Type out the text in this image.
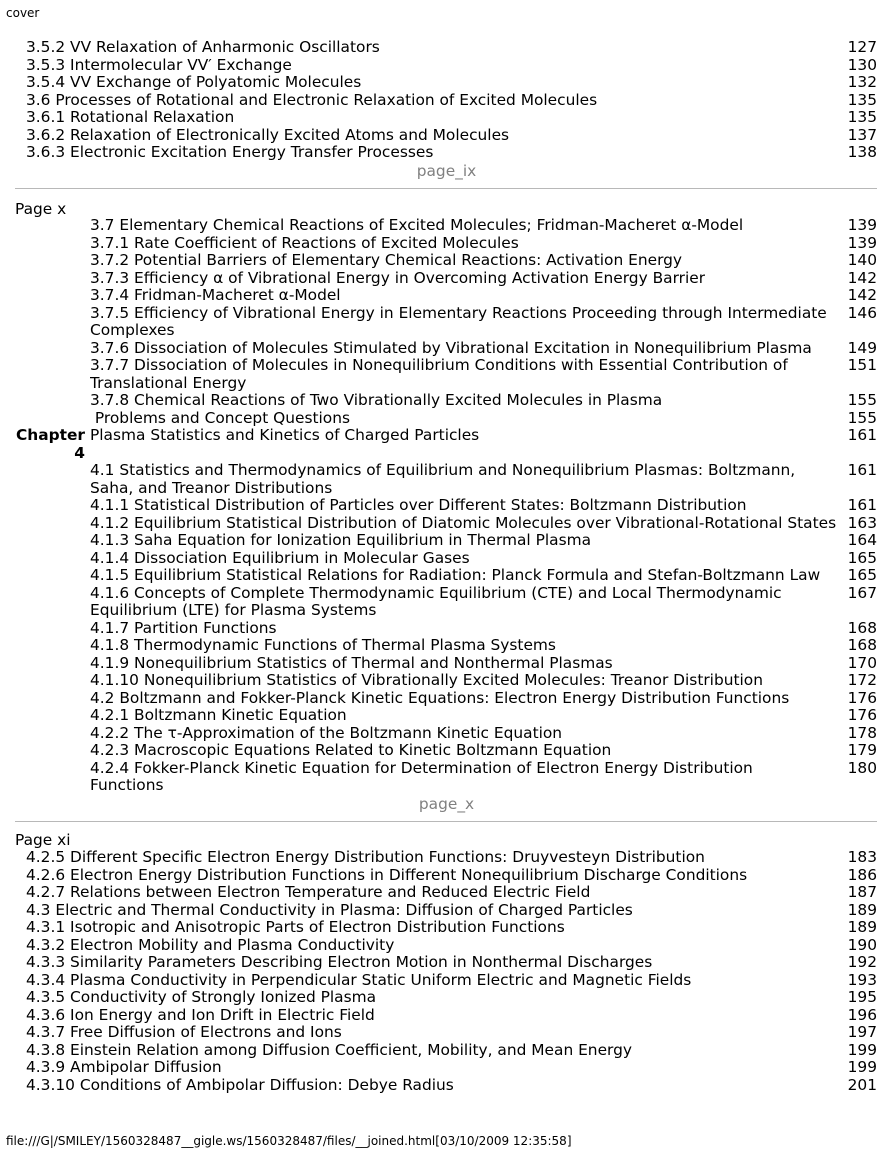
cover
3.5.2 VV Relaxation of Anharmonic Oscillators	127
3.5.3 Intermolecular VV′ Exchange	130
3.5.4 VV Exchange of Polyatomic Molecules	132
3.6 Processes of Rotational and Electronic Relaxation of Excited Molecules	135
3.6.1 Rotational Relaxation	135
3.6.2 Relaxation of Electronically Excited Atoms and Molecules	137
3.6.3 Electronic Excitation Energy Transfer Processes	138
page_ix
Page x
3.7 Elementary Chemical Reactions of Excited Molecules; Fridman-Macheret α-Model	139
3.7.1 Rate Coefficient of Reactions of Excited Molecules	139
3.7.2 Potential Barriers of Elementary Chemical Reactions: Activation Energy	140
3.7.3 Efficiency α of Vibrational Energy in Overcoming Activation Energy Barrier	142
3.7.4 Fridman-Macheret α-Model	142
3.7.5 Efficiency of Vibrational Energy in Elementary Reactions Proceeding through Intermediate Complexes
146
3.7.6 Dissociation of Molecules Stimulated by Vibrational Excitation in Nonequilibrium Plasma	149
3.7.7 Dissociation of Molecules in Nonequilibrium Conditions with Essential Contribution of Translational Energy
151
3.7.8 Chemical Reactions of Two Vibrationally Excited Molecules in Plasma	155
Problems and Concept Questions	155
Chapter 4
Plasma Statistics and Kinetics of Charged Particles	161
4.1 Statistics and Thermodynamics of Equilibrium and Nonequilibrium Plasmas: Boltzmann, Saha, and Treanor Distributions
161
4.1.1 Statistical Distribution of Particles over Different States: Boltzmann Distribution	161
4.1.2 Equilibrium Statistical Distribution of Diatomic Molecules over Vibrational-Rotational States 163
4.1.3 Saha Equation for Ionization Equilibrium in Thermal Plasma	164
4.1.4 Dissociation Equilibrium in Molecular Gases	165
4.1.5 Equilibrium Statistical Relations for Radiation: Planck Formula and Stefan-Boltzmann Law	165
4.1.6 Concepts of Complete Thermodynamic Equilibrium (CTE) and Local Thermodynamic Equilibrium (LTE) for Plasma Systems
167
4.1.7 Partition Functions	168
4.1.8 Thermodynamic Functions of Thermal Plasma Systems	168
4.1.9 Nonequilibrium Statistics of Thermal and Nonthermal Plasmas	170
4.1.10 Nonequilibrium Statistics of Vibrationally Excited Molecules: Treanor Distribution	172
4.2 Boltzmann and Fokker-Planck Kinetic Equations: Electron Energy Distribution Functions	176
4.2.1 Boltzmann Kinetic Equation	176
4.2.2 The τ-Approximation of the Boltzmann Kinetic Equation	178
4.2.3 Macroscopic Equations Related to Kinetic Boltzmann Equation	179
4.2.4 Fokker-Planck Kinetic Equation for Determination of Electron Energy Distribution Functions
180
page_x
Page xi
4.2.5 Different Specific Electron Energy Distribution Functions: Druyvesteyn Distribution	183
4.2.6 Electron Energy Distribution Functions in Different Nonequilibrium Discharge Conditions	186
4.2.7 Relations between Electron Temperature and Reduced Electric Field	187
4.3 Electric and Thermal Conductivity in Plasma: Diffusion of Charged Particles	189
4.3.1 Isotropic and Anisotropic Parts of Electron Distribution Functions	189
4.3.2 Electron Mobility and Plasma Conductivity	190
4.3.3 Similarity Parameters Describing Electron Motion in Nonthermal Discharges	192
4.3.4 Plasma Conductivity in Perpendicular Static Uniform Electric and Magnetic Fields	193
4.3.5 Conductivity of Strongly Ionized Plasma	195
4.3.6 Ion Energy and Ion Drift in Electric Field	196
4.3.7 Free Diffusion of Electrons and Ions	197
4.3.8 Einstein Relation among Diffusion Coefficient, Mobility, and Mean Energy	199
4.3.9 Ambipolar Diffusion	199
4.3.10 Conditions of Ambipolar Diffusion: Debye Radius	201
file:///G|/SMILEY/1560328487__gigle.ws/1560328487/files/__joined.html[03/10/2009 12:35:58]
